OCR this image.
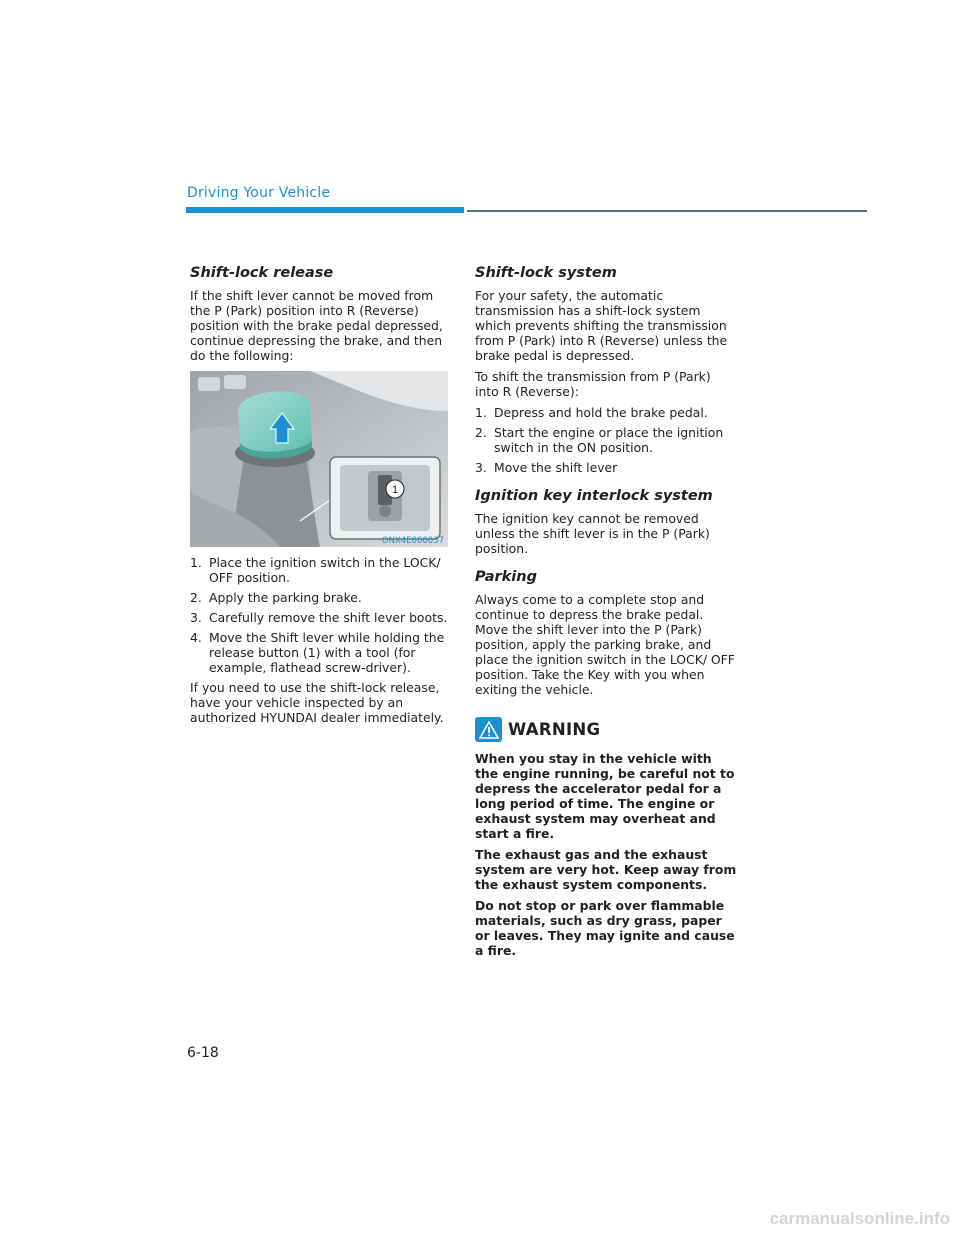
Driving Your Vehicle
Shift-lock release

If the shift lever cannot be moved from the P (Park) position into R (Reverse) position with the brake pedal depressed, continue depressing the brake, and then do the following:

1
ONX4E060037
1. Place the ignition switch in the LOCK/ OFF position.
2. Apply the parking brake.
3. Carefully remove the shift lever boots.
4. Move the Shift lever while holding the release button (1) with a tool (for example, flathead screw-driver).

If you need to use the shift-lock release, have your vehicle inspected by an authorized HYUNDAI dealer immediately.

Shift-lock system

For your safety, the automatic transmission has a shift-lock system which prevents shifting the transmission from P (Park) into R (Reverse) unless the brake pedal is depressed.

To shift the transmission from P (Park) into R (Reverse):

1. Depress and hold the brake pedal.
2. Start the engine or place the ignition switch in the ON position.
3. Move the shift lever
Ignition key interlock system

The ignition key cannot be removed unless the shift lever is in the P (Park) position.

Parking

Always come to a complete stop and continue to depress the brake pedal. Move the shift lever into the P (Park) position, apply the parking brake, and place the ignition switch in the LOCK/ OFF position. Take the Key with you when exiting the vehicle.

WARNING

When you stay in the vehicle with the engine running, be careful not to depress the accelerator pedal for a long period of time. The engine or exhaust system may overheat and start a fire.

The exhaust gas and the exhaust system are very hot. Keep away from the exhaust system components.

Do not stop or park over flammable materials, such as dry grass, paper or leaves. They may ignite and cause a fire.

6-18
carmanualsonline.info
